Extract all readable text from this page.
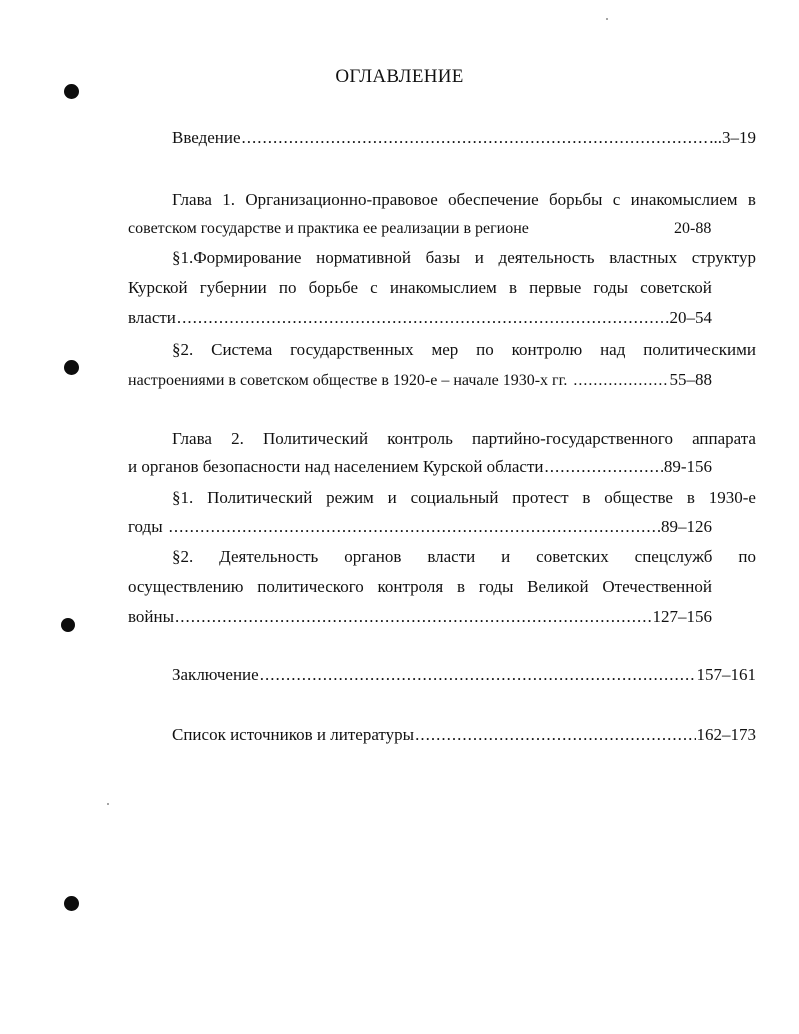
ОГЛАВЛЕНИЕ
Введение .....	...3–19
Глава 1. Организационно-правовое обеспечение борьбы с инакомыслием в
советском государстве и практика ее реализации в регионе	20-88
§1.Формирование нормативной базы и деятельность властных структур
Курской губернии по борьбе с инакомыслием в первые годы советской
власти .....	20–54
§2. Система государственных мер по контролю над политическими
настроениями в советском обществе в 1920-е – начале 1930-х гг. .....	55–88
Глава 2. Политический контроль партийно-государственного аппарата
и органов безопасности над населением Курской области .....	89-156
§1. Политический режим и социальный протест в обществе в 1930-е
годы .....	89–126
§2. Деятельность органов власти и советских спецслужб по
осуществлению политического контроля в годы Великой Отечественной
войны .....	127–156
Заключение .....	157–161
Список источников и литературы .....	162–173
